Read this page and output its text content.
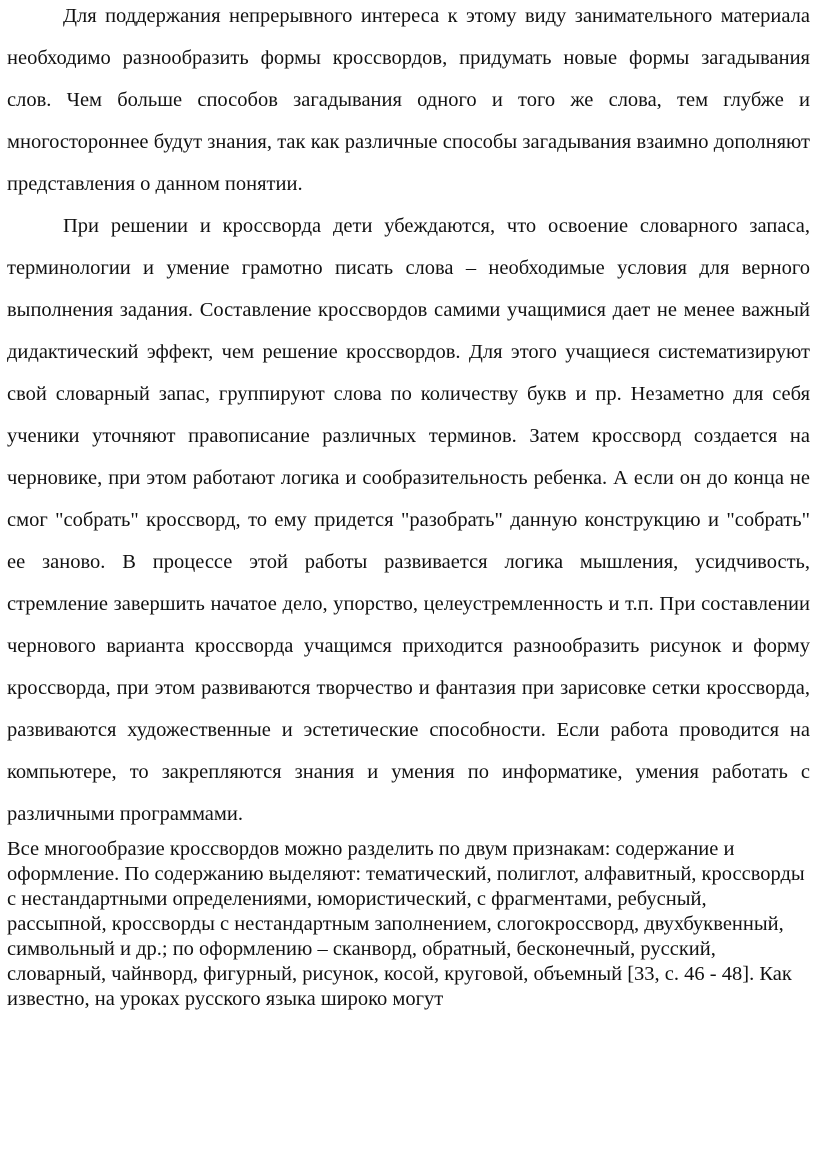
Для поддержания непрерывного интереса к этому виду занимательного материала необходимо разнообразить формы кроссвордов, придумать новые формы загадывания слов. Чем больше способов загадывания одного и того же слова, тем глубже и многостороннее будут знания, так как различные способы загадывания взаимно дополняют представления о данном понятии.

При решении и кроссворда дети убеждаются, что освоение словарного запаса, терминологии и умение грамотно писать слова – необходимые условия для верного выполнения задания. Составление кроссвордов самими учащимися дает не менее важный дидактический эффект, чем решение кроссвордов. Для этого учащиеся систематизируют свой словарный запас, группируют слова по количеству букв и пр. Незаметно для себя ученики уточняют правописание различных терминов. Затем кроссворд создается на черновике, при этом работают логика и сообразительность ребенка. А если он до конца не смог "собрать" кроссворд, то ему придется "разобрать" данную конструкцию и "собрать" ее заново. В процессе этой работы развивается логика мышления, усидчивость, стремление завершить начатое дело, упорство, целеустремленность и т.п. При составлении чернового варианта кроссворда учащимся приходится разнообразить рисунок и форму кроссворда, при этом развиваются творчество и фантазия при зарисовке сетки кроссворда, развиваются художественные и эстетические способности. Если работа проводится на компьютере, то закрепляются знания и умения по информатике, умения работать с различными программами.

Все многообразие кроссвордов можно разделить по двум признакам: содержание и оформление. По содержанию выделяют: тематический, полиглот, алфавитный, кроссворды с нестандартными определениями, юмористический, с фрагментами, ребусный, рассыпной, кроссворды с нестандартным заполнением, слогокроссворд, двухбуквенный, символьный и др.; по оформлению – сканворд, обратный, бесконечный, русский, словарный, чайнворд, фигурный, рисунок, косой, круговой, объемный [33, с. 46 - 48]. Как известно, на уроках русского языка широко могут
